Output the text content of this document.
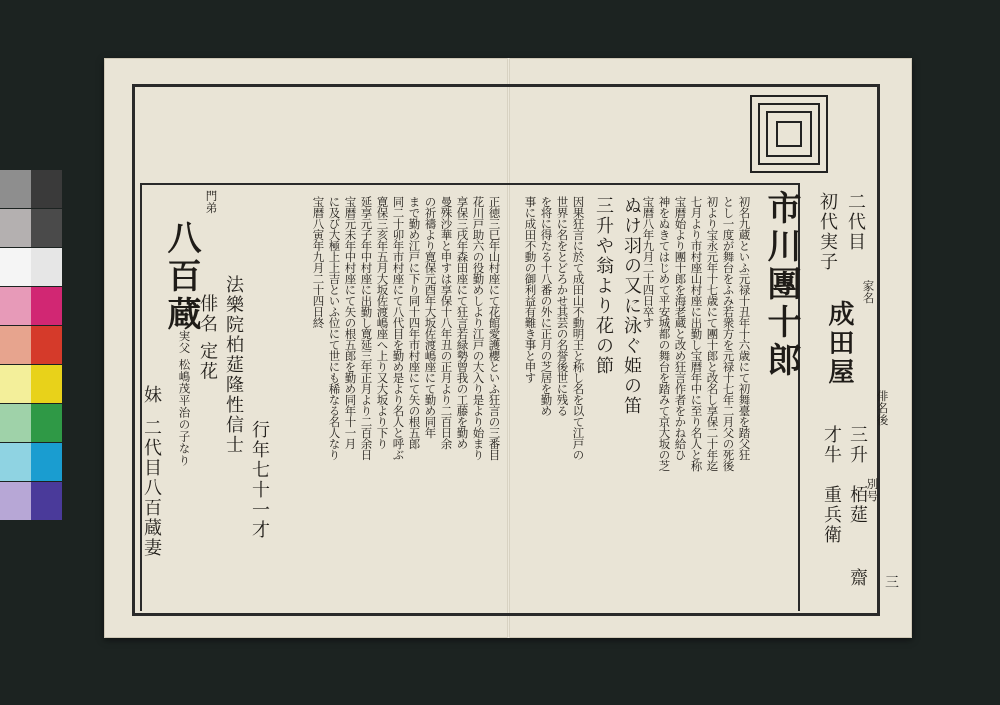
二代目
初代実子
家名
市川團十郎 成田屋
俳名後
三升　栢莚
別号
才牛　重兵衛
齋
初名九蔵といふ元禄十丑年十六歳にて初舞臺を踏父狂
とし一度が舞台をふみ若衆方を元禄十七年二月父の死後
初より宝永元年十七歳にて團十郎と改名し享保二十年迄
七月より市村座山村座に出勤し宝暦年中に至り名人と称
宝暦始より團十郎を海老蔵と改め狂言作者をかね給ひ
神をぬきてはじめて平安城都の舞台を踏みて京大坂の芝
宝暦八年九月二十四日卒す
ぬけ羽の又に泳ぐ姫の笛
三升や翁より花の節
因果狂言に於て成田山不動明王と称し名を以て江戸の
世界に名をとどろかせ其芸の名誉後世に残る
を将に得たる十八番の外に正月の芝居を勤め
事に成田不動の御利益有難き事と申す
正徳三巳年山村座にて花館愛護櫻といふ狂言の三番目
花川戸助六の役勤めしより江戸の大入り是より始まり
享保三戌年森田座にて狂言若緑勢曾我の工藤を勤め
曼殊沙華と申すは享保十八年丑の正月より二百日余
の祈禱より寛保元酉年大坂佐渡嶋座にて勤め同年
まで勤め江戸に下り同十四年市村座にて矢の根五郎
同二十卯年市村座にて八代目を勤め是より名人と呼ぶ
寛保三亥年五月大坂佐渡嶋座へ上り又大坂より下り
延享元子年中村座に出勤し寛延三年正月より二百余日
宝暦元未年中村座にて矢の根五郎を勤め同年十一月
に及び大極上上吉といふ位にて世にも稀なる名人なり
宝暦八寅年九月二十四日終
行年七十一才
門弟
八百蔵
俳名 定花
実父 松嶋茂平治の子なり 法樂院柏莚隆性信士
妹
二代目八百蔵妻
三
